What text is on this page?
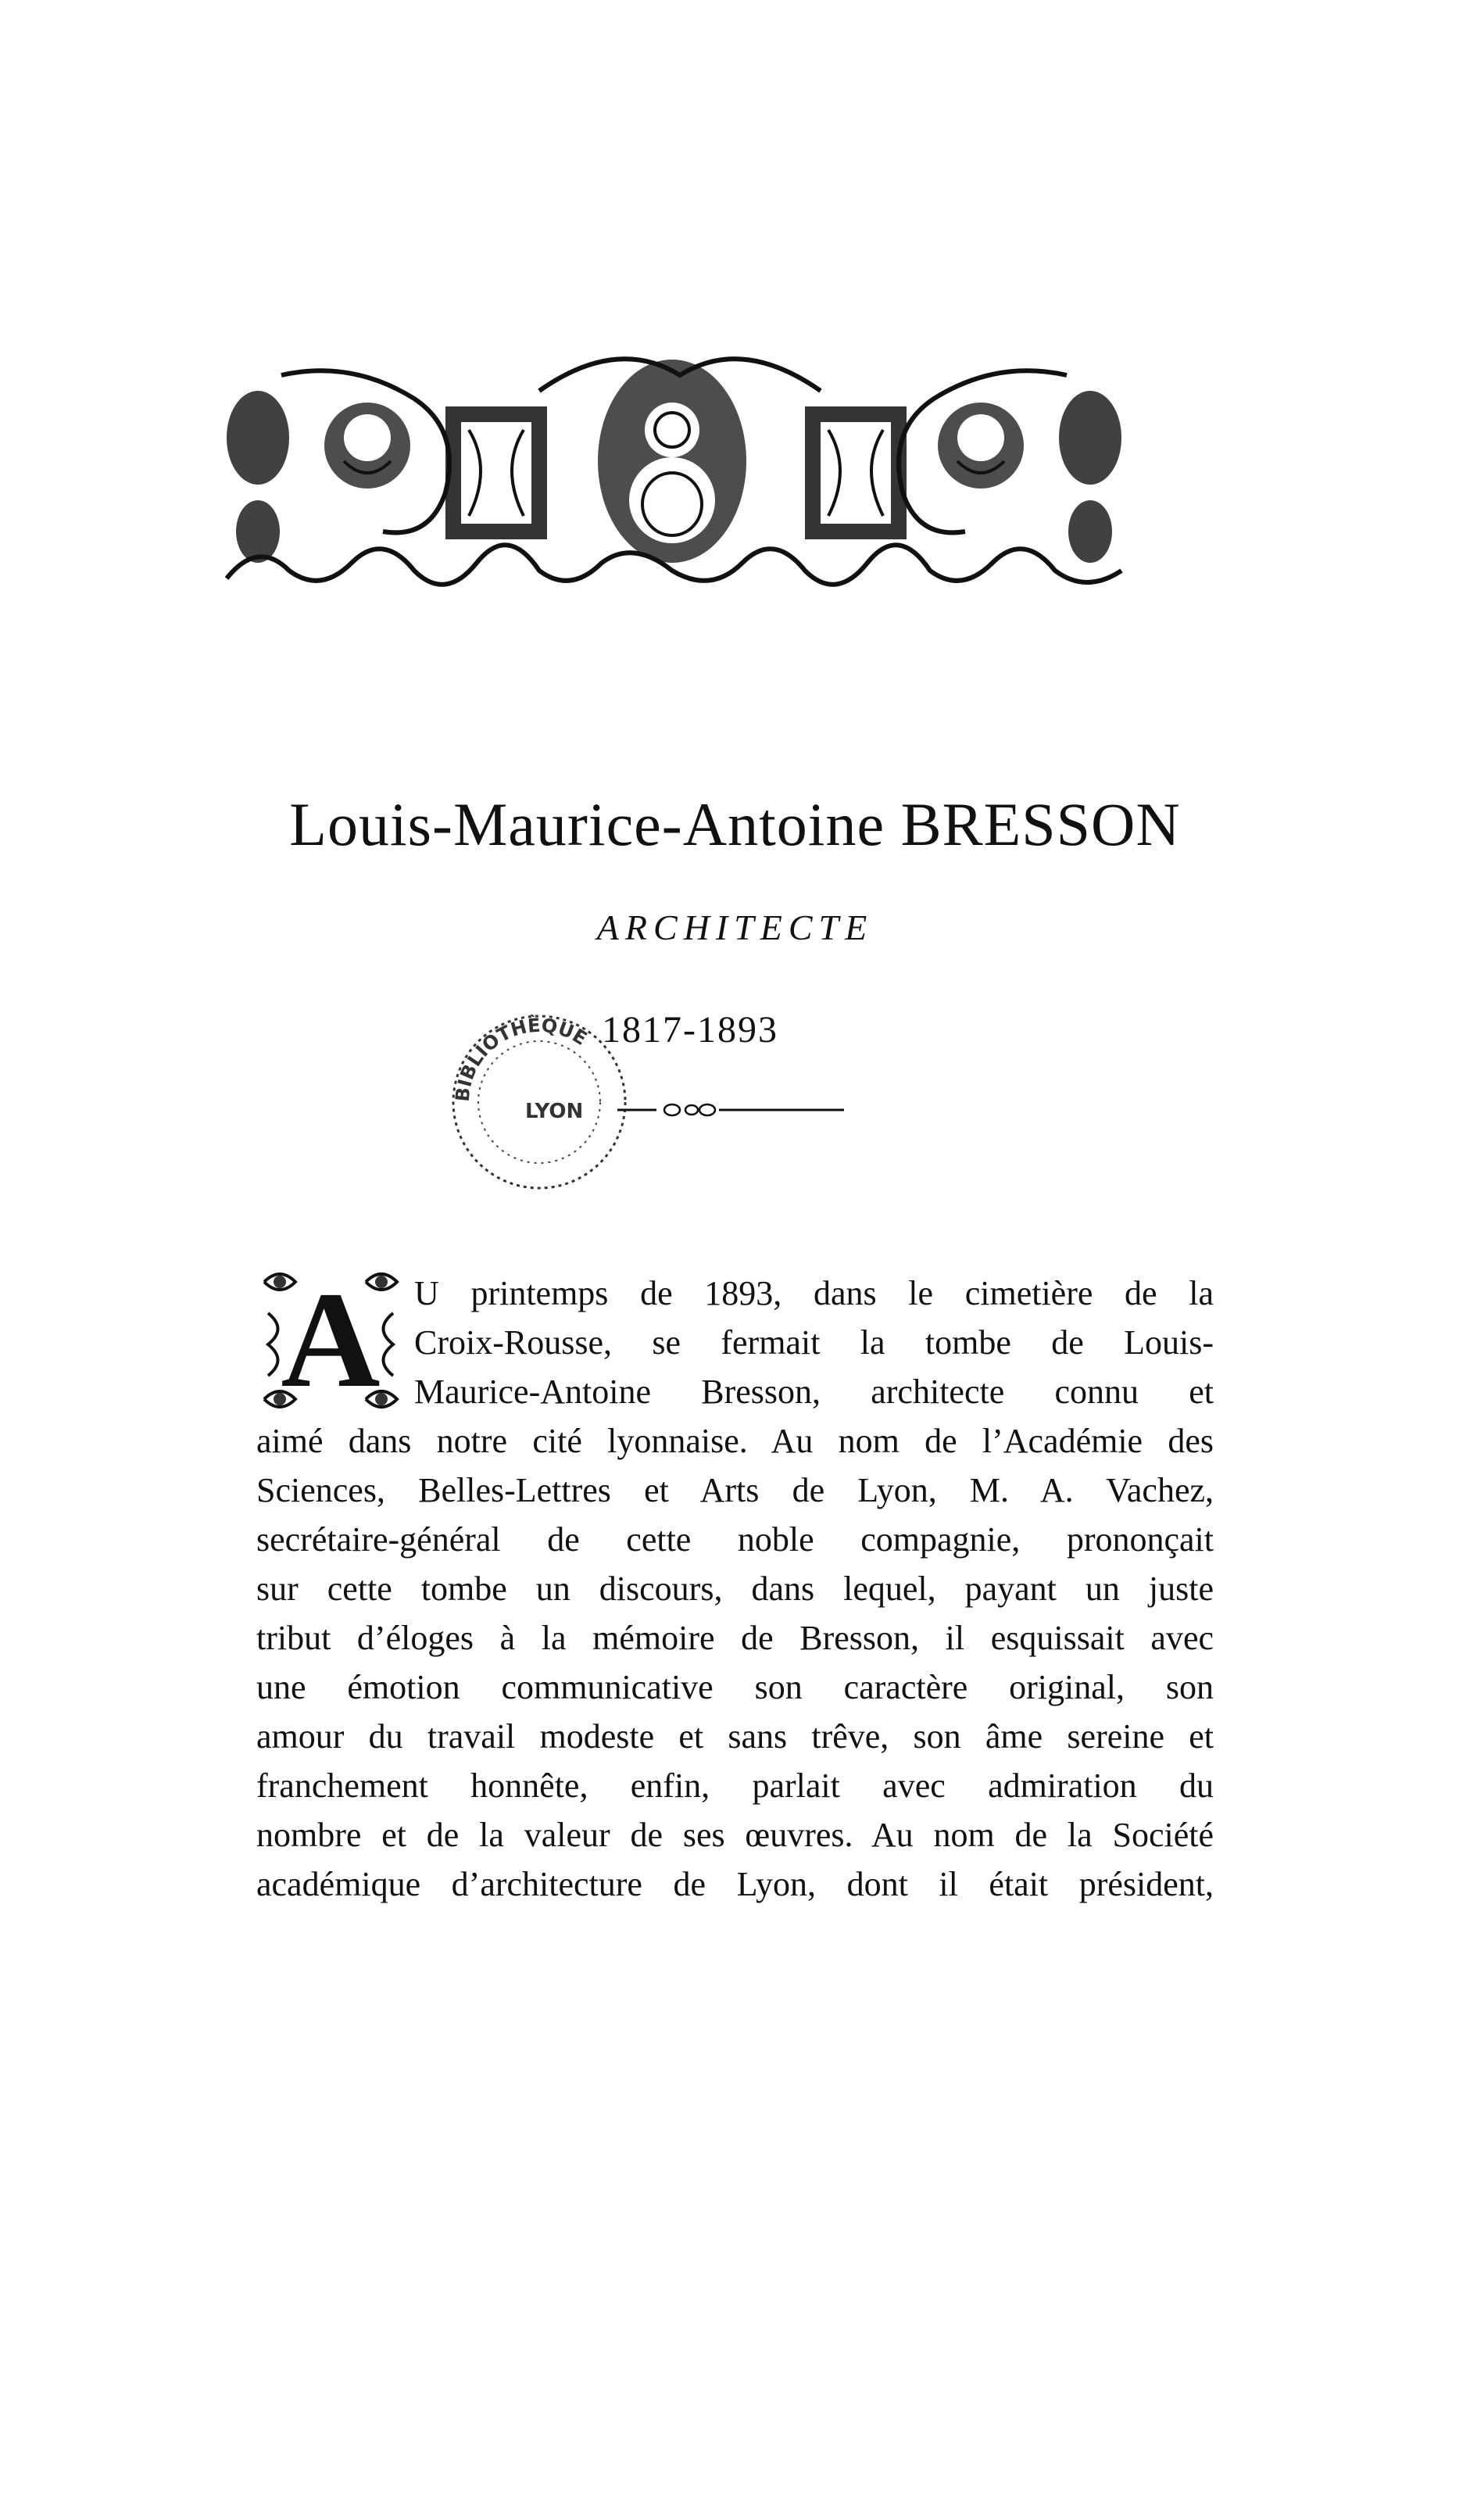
Louis-Maurice-Antoine BRESSON
ARCHITECTE
1817-1893
BIBLIOTHÈQUE
LYON
A U printemps de 1893, dans le cimetière de la
Croix-Rousse, se fermait la tombe de Louis-
Maurice-Antoine Bresson, architecte connu et
aimé dans notre cité lyonnaise. Au nom de l’Académie des
Sciences, Belles-Lettres et Arts de Lyon, M. A. Vachez,
secrétaire-général de cette noble compagnie, prononçait
sur cette tombe un discours, dans lequel, payant un juste
tribut d’éloges à la mémoire de Bresson, il esquissait avec
une émotion communicative son caractère original, son
amour du travail modeste et sans trêve, son âme sereine et
franchement honnête, enfin, parlait avec admiration du
nombre et de la valeur de ses œuvres. Au nom de la Société
académique d’architecture de Lyon, dont il était président,
